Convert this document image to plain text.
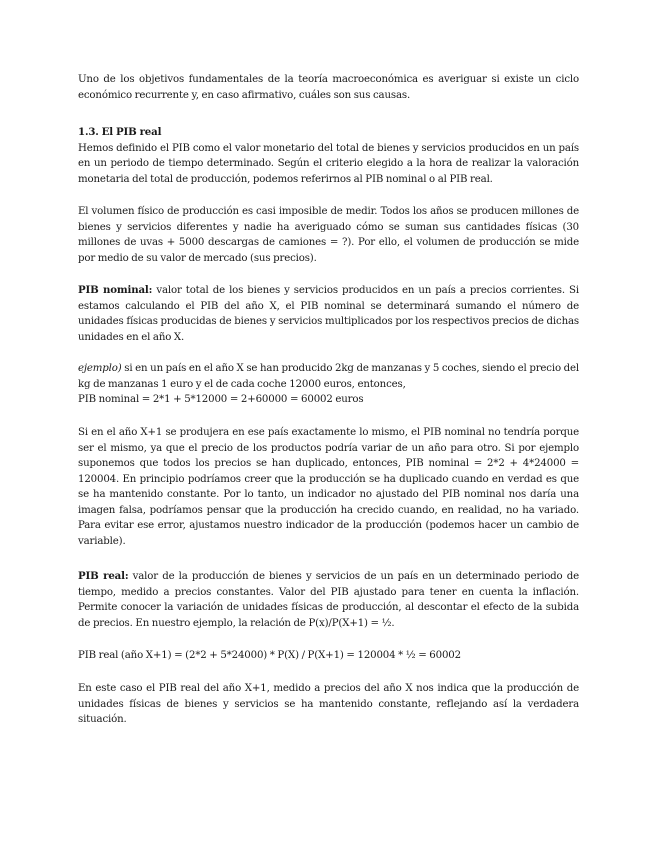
Uno de los objetivos fundamentales de la teoría macroeconómica es averiguar si existe un ciclo económico recurrente y, en caso afirmativo, cuáles son sus causas.

1.3. El PIB real
Hemos definido el PIB como el valor monetario del total de bienes y servicios producidos en un país en un periodo de tiempo determinado. Según el criterio elegido a la hora de realizar la valoración monetaria del total de producción, podemos referirnos al PIB nominal o al PIB real.

El volumen físico de producción es casi imposible de medir. Todos los años se producen millones de bienes y servicios diferentes y nadie ha averiguado cómo se suman sus cantidades físicas (30 millones de uvas + 5000 descargas de camiones = ?). Por ello, el volumen de producción se mide por medio de su valor de mercado (sus precios).

PIB nominal: valor total de los bienes y servicios producidos en un país a precios corrientes. Si estamos calculando el PIB del año X, el PIB nominal se determinará sumando el número de unidades físicas producidas de bienes y servicios multiplicados por los respectivos precios de dichas unidades en el año X.

ejemplo) si en un país en el año X se han producido 2kg de manzanas y 5 coches, siendo el precio del kg de manzanas 1 euro y el de cada coche 12000 euros, entonces,
PIB nominal = 2*1 + 5*12000 = 2+60000 = 60002 euros

Si en el año X+1 se produjera en ese país exactamente lo mismo, el PIB nominal no tendría porque ser el mismo, ya que el precio de los productos podría variar de un año para otro. Si por ejemplo suponemos que todos los precios se han duplicado, entonces, PIB nominal = 2*2 + 4*24000 = 120004. En principio podríamos creer que la producción se ha duplicado cuando en verdad es que se ha mantenido constante. Por lo tanto, un indicador no ajustado del PIB nominal nos daría una imagen falsa, podríamos pensar que la producción ha crecido cuando, en realidad, no ha variado. Para evitar ese error, ajustamos nuestro indicador de la producción (podemos hacer un cambio de variable).

PIB real: valor de la producción de bienes y servicios de un país en un determinado periodo de tiempo, medido a precios constantes. Valor del PIB ajustado para tener en cuenta la inflación. Permite conocer la variación de unidades físicas de producción, al descontar el efecto de la subida de precios. En nuestro ejemplo, la relación de P(x)/P(X+1) = ½.

PIB real (año X+1) = (2*2 + 5*24000) * P(X) / P(X+1) = 120004 * ½ = 60002

En este caso el PIB real del año X+1, medido a precios del año X nos indica que la producción de unidades físicas de bienes y servicios se ha mantenido constante, reflejando así la verdadera situación.
